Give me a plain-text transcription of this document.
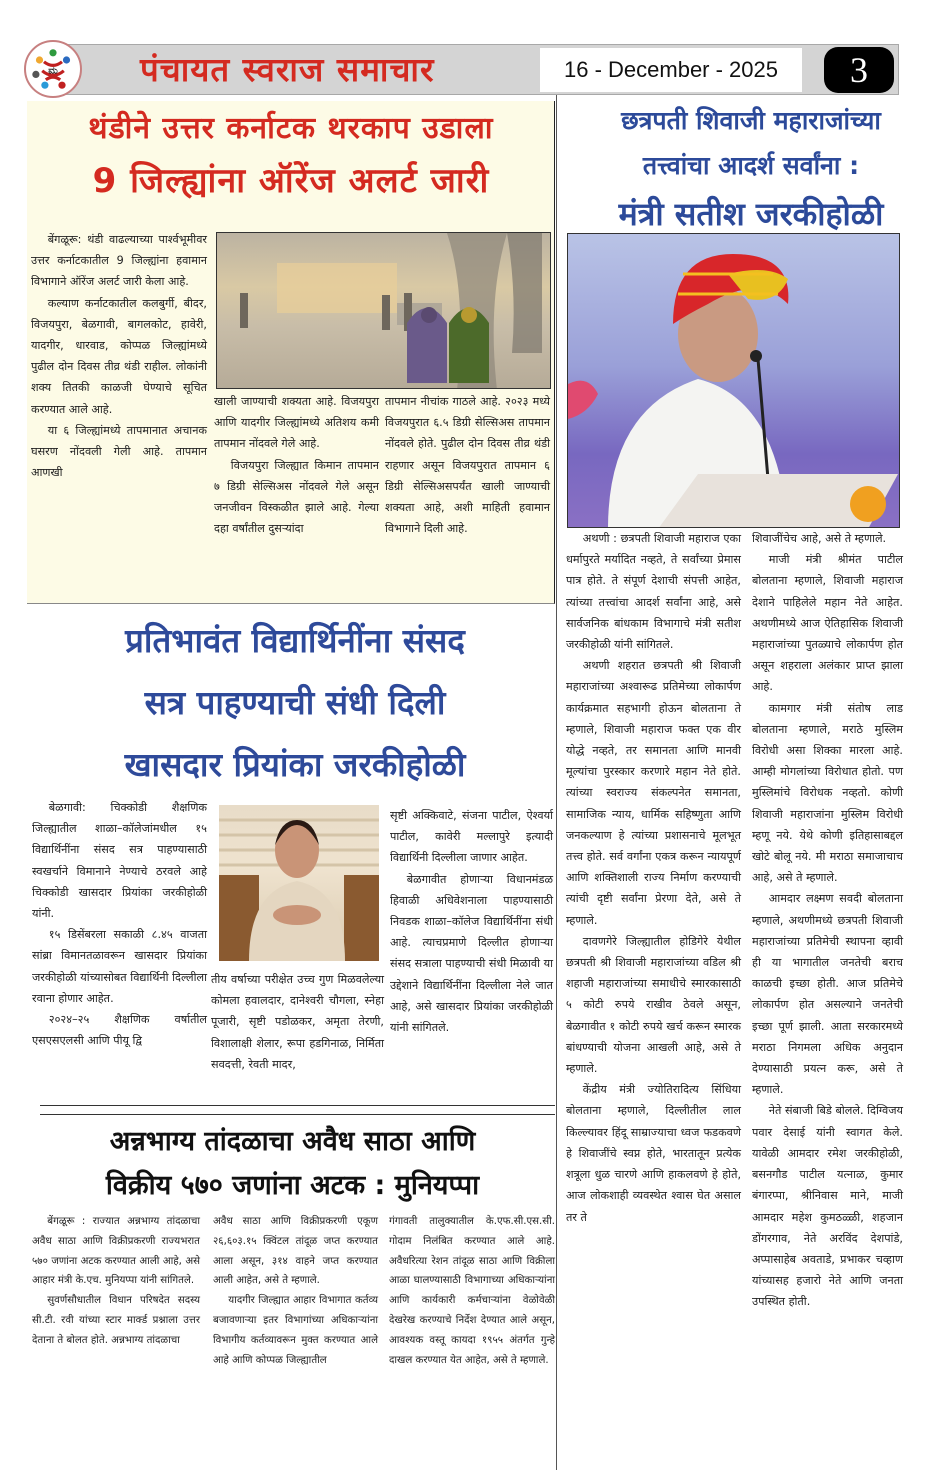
ಮ पंचायत स्वराज समाचार	16 - December - 2025	3
थंडीने उत्तर कर्नाटक थरकाप उडाला
9 जिल्ह्यांना ऑरेंज अलर्ट जारी

बेंगळूरू: थंडी वाढल्याच्या पार्श्वभूमीवर उत्तर कर्नाटकातील 9 जिल्ह्यांना हवामान विभागाने ऑरेंज अलर्ट जारी केला आहे.

कल्याण कर्नाटकातील कलबुर्गी, बीदर, विजयपुरा, बेळगावी, बागलकोट, हावेरी, यादगीर, धारवाड, कोप्पळ जिल्ह्यांमध्ये पुढील दोन दिवस तीव्र थंडी राहील. लोकांनी शक्य तितकी काळजी घेण्याचे सूचित करण्यात आले आहे.

या ६ जिल्ह्यांमध्ये तापमानात अचानक घसरण नोंदवली गेली आहे. तापमान आणखी

खाली जाण्याची शक्यता आहे. विजयपुरा आणि यादगीर जिल्ह्यांमध्ये अतिशय कमी तापमान नोंदवले गेले आहे.

विजयपुरा जिल्ह्यात किमान तापमान ७ डिग्री सेल्सिअस नोंदवले गेले असून जनजीवन विस्कळीत झाले आहे. गेल्या दहा वर्षांतील दुसऱ्यांदा

तापमान नीचांक गाठले आहे. २०२३ मध्ये विजयपुरात ६.५ डिग्री सेल्सिअस तापमान नोंदवले होते. पुढील दोन दिवस तीव्र थंडी राहणार असून विजयपुरात तापमान ६ डिग्री सेल्सिअसपर्यंत खाली जाण्याची शक्यता आहे, अशी माहिती हवामान विभागाने दिली आहे.

प्रतिभावंत विद्यार्थिनींना संसद
सत्र पाहण्याची संधी दिली
खासदार प्रियांका जरकीहोळी

बेळगावी: चिक्कोडी शैक्षणिक जिल्ह्यातील शाळा–कॉलेजांमधील १५ विद्यार्थिनींना संसद सत्र पाहण्यासाठी स्वखर्चाने विमानाने नेण्याचे ठरवले आहे चिक्कोडी खासदार प्रियांका जरकीहोळी यांनी.

१५ डिसेंबरला सकाळी ८.४५ वाजता सांब्रा विमानतळावरून खासदार प्रियांका जरकीहोळी यांच्यासोबत विद्यार्थिनी दिल्लीला रवाना होणार आहेत.

२०२४–२५ शैक्षणिक वर्षातील एसएसएलसी आणि पीयू द्वि

तीय वर्षाच्या परीक्षेत उच्च गुण मिळवलेल्या कोमला हवालदार, दानेश्वरी चौगला, स्नेहा पूजारी, सृष्टी पडोळकर, अमृता तेरणी, विशालाक्षी शेलार, रूपा हडगिनाळ, निर्मिता सवदत्ती, रेवती मादर,

सृष्टी अक्किवाटे, संजना पाटील, ऐश्वर्या पाटील, कावेरी मल्लापुरे इत्यादी विद्यार्थिनी दिल्लीला जाणार आहेत.

बेळगावीत होणाऱ्या विधानमंडळ हिवाळी अधिवेशनाला पाहण्यासाठी निवडक शाळा–कॉलेज विद्यार्थिनींना संधी आहे. त्याचप्रमाणे दिल्लीत होणाऱ्या संसद सत्राला पाहण्याची संधी मिळावी या उद्देशाने विद्यार्थिनींना दिल्लीला नेले जात आहे, असे खासदार प्रियांका जरकीहोळी यांनी सांगितले.

अन्नभाग्य तांदळाचा अवैध साठा आणि
विक्रीय ५७० जणांना अटक : मुनियप्पा

बेंगळूरू : राज्यात अन्नभाग्य तांदळाचा अवैध साठा आणि विक्रीप्रकरणी राज्यभरात ५७० जणांना अटक करण्यात आली आहे, असे आहार मंत्री के.एच. मुनियप्पा यांनी सांगितले.

सुवर्णसौधातील विधान परिषदेत सदस्य सी.टी. रवी यांच्या स्टार मार्क्ड प्रश्नाला उत्तर देताना ते बोलत होते. अन्नभाग्य तांदळाचा

अवैध साठा आणि विक्रीप्रकरणी एकूण २६,६०३.१५ क्विंटल तांदूळ जप्त करण्यात आला असून, ३१४ वाहने जप्त करण्यात आली आहेत, असे ते म्हणाले.

यादगीर जिल्ह्यात आहार विभागात कर्तव्य बजावणाऱ्या इतर विभागांच्या अधिकाऱ्यांना विभागीय कर्तव्यावरून मुक्त करण्यात आले आहे आणि कोप्पळ जिल्ह्यातील

गंगावती तालुक्यातील के.एफ.सी.एस.सी. गोदाम निलंबित करण्यात आले आहे. अवैधरित्या रेशन तांदूळ साठा आणि विक्रीला आळा घालण्यासाठी विभागाच्या अधिकाऱ्यांना आणि कार्यकारी कर्मचाऱ्यांना वेळोवेळी देखरेख करण्याचे निर्देश देण्यात आले असून, आवश्यक वस्तू कायदा १९५५ अंतर्गत गुन्हे दाखल करण्यात येत आहेत, असे ते म्हणाले.

छत्रपती शिवाजी महाराजांच्या
तत्त्वांचा आदर्श सर्वांना :
मंत्री सतीश जरकीहोळी

अथणी : छत्रपती शिवाजी महाराज एका धर्मापुरते मर्यादित नव्हते, ते सर्वांच्या प्रेमास पात्र होते. ते संपूर्ण देशाची संपत्ती आहेत, त्यांच्या तत्त्वांचा आदर्श सर्वांना आहे, असे सार्वजनिक बांधकाम विभागाचे मंत्री सतीश जरकीहोळी यांनी सांगितले.

अथणी शहरात छत्रपती श्री शिवाजी महाराजांच्या अश्वारूढ प्रतिमेच्या लोकार्पण कार्यक्रमात सहभागी होऊन बोलताना ते म्हणाले, शिवाजी महाराज फक्त एक वीर योद्धे नव्हते, तर समानता आणि मानवी मूल्यांचा पुरस्कार करणारे महान नेते होते. त्यांच्या स्वराज्य संकल्पनेत समानता, सामाजिक न्याय, धार्मिक सहिष्णुता आणि जनकल्याण हे त्यांच्या प्रशासनाचे मूलभूत तत्त्व होते. सर्व वर्गांना एकत्र करून न्यायपूर्ण आणि शक्तिशाली राज्य निर्माण करण्याची त्यांची दृष्टी सर्वांना प्रेरणा देते, असे ते म्हणाले.

दावणगेरे जिल्ह्यातील होडिगेरे येथील छत्रपती श्री शिवाजी महाराजांच्या वडिल श्री शहाजी महाराजांच्या समाधीचे स्मारकासाठी ५ कोटी रुपये राखीव ठेवले असून, बेळगावीत १ कोटी रुपये खर्च करून स्मारक बांधण्याची योजना आखली आहे, असे ते म्हणाले.

केंद्रीय मंत्री ज्योतिरादित्य सिंधिया बोलताना म्हणाले, दिल्लीतील लाल किल्ल्यावर हिंदू साम्राज्याचा ध्वज फडकवणे हे शिवाजींचे स्वप्न होते, भारतातून प्रत्येक शत्रूला धुळ चारणे आणि हाकलवणे हे होते, आज लोकशाही व्यवस्थेत श्वास घेत असाल तर ते

शिवाजींचेच आहे, असे ते म्हणाले.

माजी मंत्री श्रीमंत पाटील बोलताना म्हणाले, शिवाजी महाराज देशाने पाहिलेले महान नेते आहेत. अथणीमध्ये आज ऐतिहासिक शिवाजी महाराजांच्या पुतळ्याचे लोकार्पण होत असून शहराला अलंकार प्राप्त झाला आहे.

कामगार मंत्री संतोष लाड बोलताना म्हणाले, मराठे मुस्लिम विरोधी असा शिक्का मारला आहे. आम्ही मोगलांच्या विरोधात होतो. पण मुस्लिमांचे विरोधक नव्हतो. कोणी शिवाजी महाराजांना मुस्लिम विरोधी म्हणू नये. येथे कोणी इतिहासाबद्दल खोटे बोलू नये. मी मराठा समाजाचाच आहे, असे ते म्हणाले.

आमदार लक्ष्मण सवदी बोलताना म्हणाले, अथणीमध्ये छत्रपती शिवाजी महाराजांच्या प्रतिमेची स्थापना व्हावी ही या भागातील जनतेची बराच काळची इच्छा होती. आज प्रतिमेचे लोकार्पण होत असल्याने जनतेची इच्छा पूर्ण झाली. आता सरकारमध्ये मराठा निगमला अधिक अनुदान देण्यासाठी प्रयत्न करू, असे ते म्हणाले.

नेते संबाजी बिडे बोलले. दिग्विजय पवार देसाई यांनी स्वागत केले. यावेळी आमदार रमेश जरकीहोळी, बसनगौड पाटील यत्नाळ, कुमार बंगारप्पा, श्रीनिवास माने, माजी आमदार महेश कुमठळ्ळी, शहजान डोंगरगाव, नेते अरविंद देशपांडे, अप्पासाहेब अवताडे, प्रभाकर चव्हाण यांच्यासह हजारो नेते आणि जनता उपस्थित होती.
